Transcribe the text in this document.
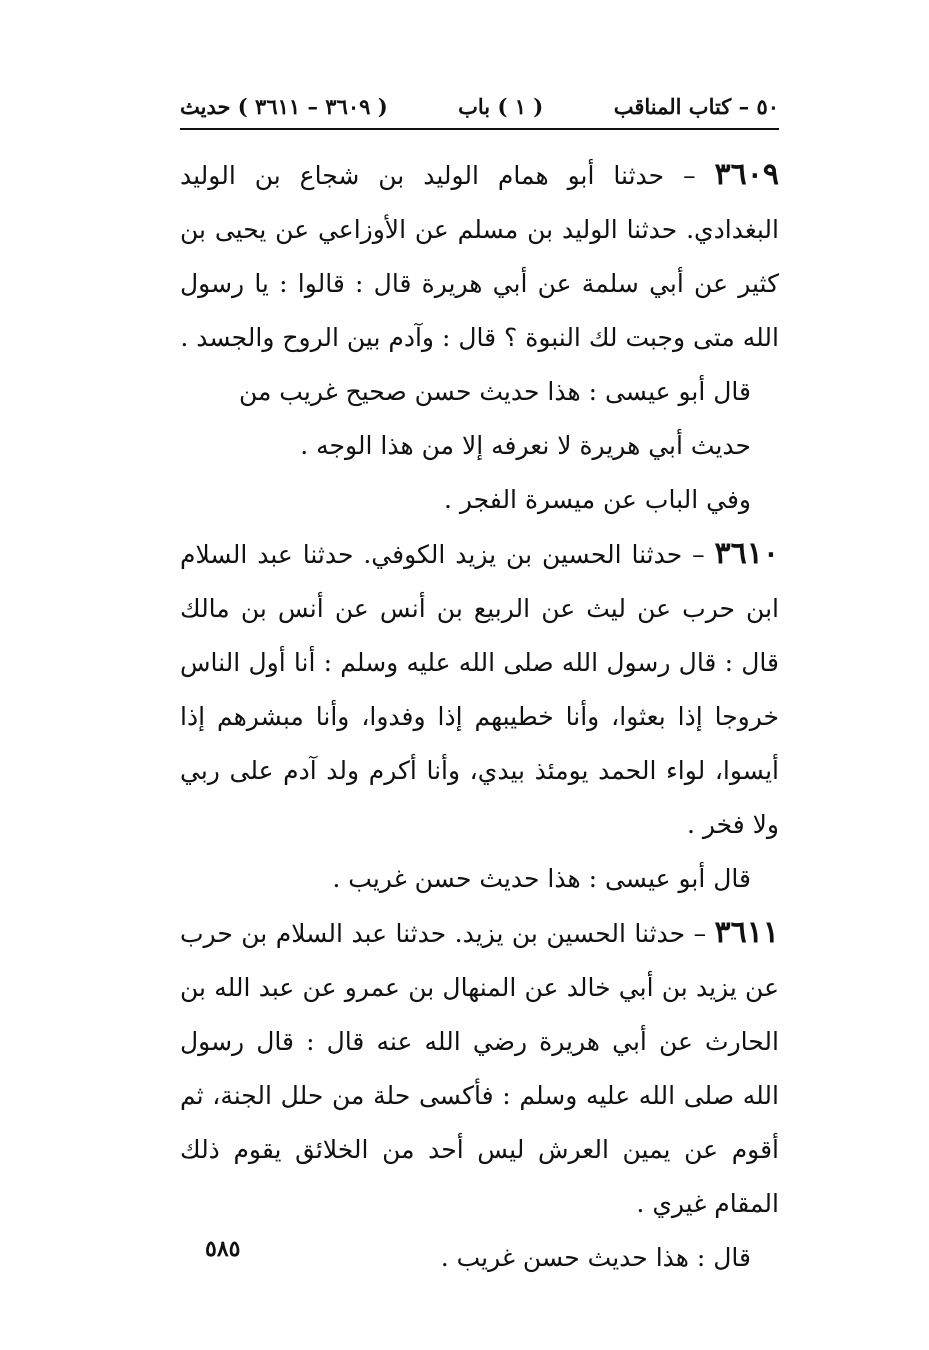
٥٠ – كتاب المناقب
( ١ ) باب
( ٣٦٠٩ – ٣٦١١ ) حديث

٣٦٠٩ – حدثنا أبو همام الوليد بن شجاع بن الوليد البغدادي. حدثنا الوليد بن مسلم عن الأوزاعي عن يحيى بن كثير عن أبي سلمة عن أبي هريرة قال : قالوا : يا رسول الله متى وجبت لك النبوة ؟ قال : وآدم بين الروح والجسد .

قال أبو عيسى : هذا حديث حسن صحيح غريب من حديث أبي هريرة لا نعرفه إلا من هذا الوجه .

وفي الباب عن ميسرة الفجر .

٣٦١٠ – حدثنا الحسين بن يزيد الكوفي. حدثنا عبد السلام ابن حرب عن ليث عن الربيع بن أنس عن أنس بن مالك قال : قال رسول الله صلى الله عليه وسلم : أنا أول الناس خروجا إذا بعثوا، وأنا خطيبهم إذا وفدوا، وأنا مبشرهم إذا أيسوا، لواء الحمد يومئذ بيدي، وأنا أكرم ولد آدم على ربي ولا فخر .

قال أبو عيسى : هذا حديث حسن غريب .

٣٦١١ – حدثنا الحسين بن يزيد. حدثنا عبد السلام بن حرب عن يزيد بن أبي خالد عن المنهال بن عمرو عن عبد الله بن الحارث عن أبي هريرة رضي الله عنه قال : قال رسول الله صلى الله عليه وسلم : فأكسى حلة من حلل الجنة، ثم أقوم عن يمين العرش ليس أحد من الخلائق يقوم ذلك المقام غيري .

قال : هذا حديث حسن غريب .

٥٨٥
